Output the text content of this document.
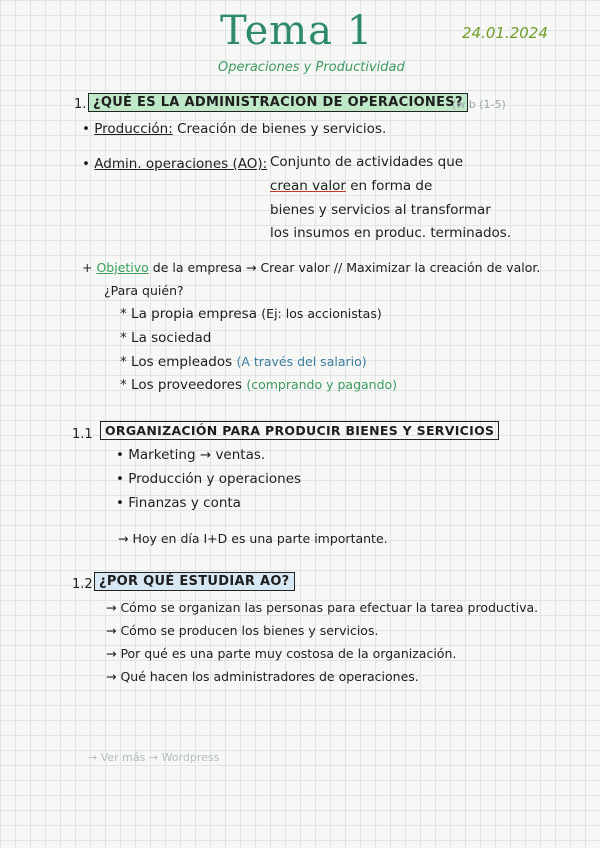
Tema 1
Operaciones y Productividad
24.01.2024
1. ¿QUÉ ES LA ADMINISTRACION DE OPERACIONES?
(w b (1-5)
• Producción: Creación de bienes y servicios.
• Admin. operaciones (AO): Conjunto de actividades que
crean valor en forma de
bienes y servicios al transformar
los insumos en produc. terminados.
+ Objetivo de la empresa → Crear valor // Maximizar la creación de valor.
¿Para quién?
* La propia empresa (Ej: los accionistas)
* La sociedad
* Los empleados (A través del salario)
* Los proveedores (comprando y pagando)
1.1 ORGANIZACIÓN PARA PRODUCIR BIENES Y SERVICIOS
• Marketing → ventas.
• Producción y operaciones
• Finanzas y conta
→ Hoy en día I+D es una parte importante.
1.2 ¿POR QUÉ ESTUDIAR AO?
→ Cómo se organizan las personas para efectuar la tarea productiva.
→ Cómo se producen los bienes y servicios.
→ Por qué es una parte muy costosa de la organización.
→ Qué hacen los administradores de operaciones.
→ Ver más → Wordpress
